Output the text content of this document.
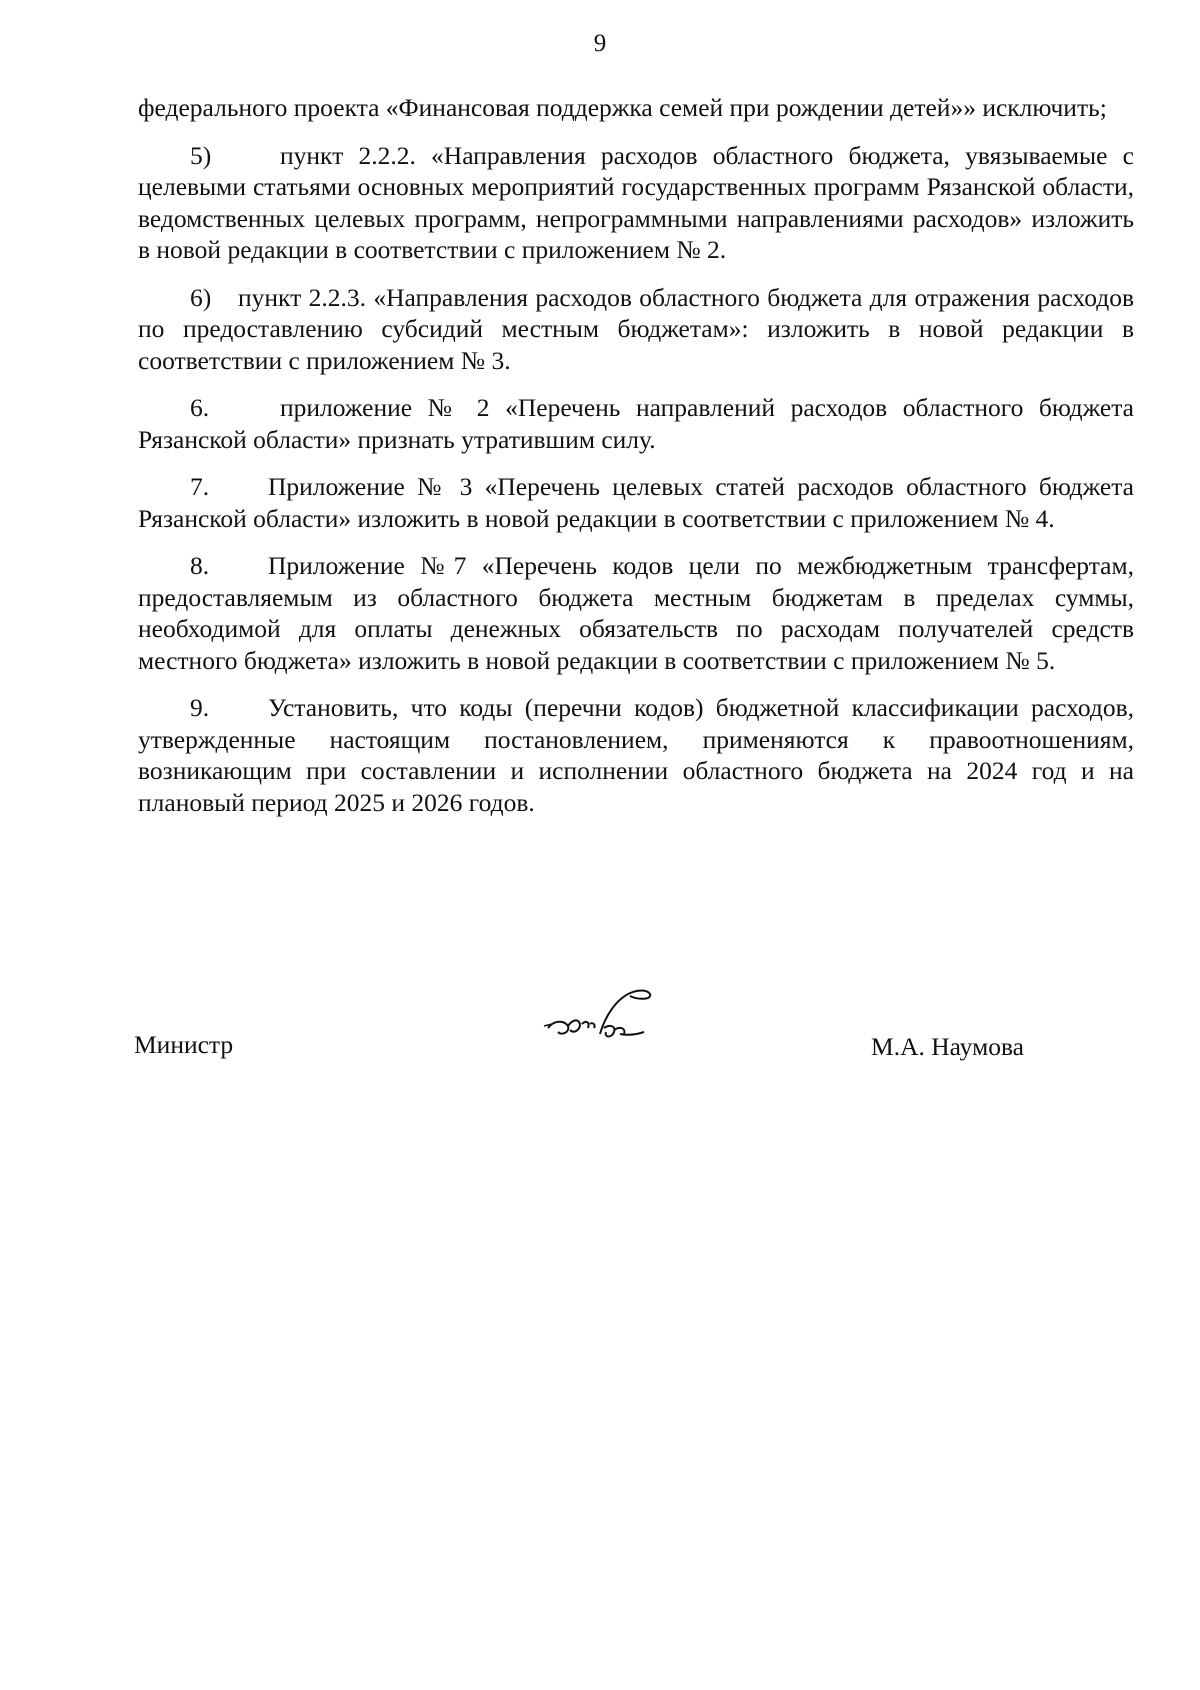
9

федерального проекта «Финансовая поддержка семей при рождении детей»» исключить;

5)	пункт 2.2.2. «Направления расходов областного бюджета, увязываемые с целевыми статьями основных мероприятий государственных программ Рязанской области, ведомственных целевых программ, непрограммными направлениями расходов» изложить в новой редакции в соответствии с приложением № 2.

6) пункт 2.2.3. «Направления расходов областного бюджета для отражения расходов по предоставлению субсидий местным бюджетам»: изложить в новой редакции в соответствии с приложением № 3.

6.	приложение № 2 «Перечень направлений расходов областного бюджета Рязанской области» признать утратившим силу.

7. Приложение № 3 «Перечень целевых статей расходов областного бюджета Рязанской области» изложить в новой редакции в соответствии с приложением № 4.

8. Приложение №7 «Перечень кодов цели по межбюджетным трансфертам, предоставляемым из областного бюджета местным бюджетам в пределах суммы, необходимой для оплаты денежных обязательств по расходам получателей средств местного бюджета» изложить в новой редакции в соответствии с приложением № 5.

9. Установить, что коды (перечни кодов) бюджетной классификации расходов, утвержденные настоящим постановлением, применяются к правоотношениям, возникающим при составлении и исполнении областного бюджета на 2024 год и на плановый период 2025 и 2026 годов.

Министр	М.А. Наумова
